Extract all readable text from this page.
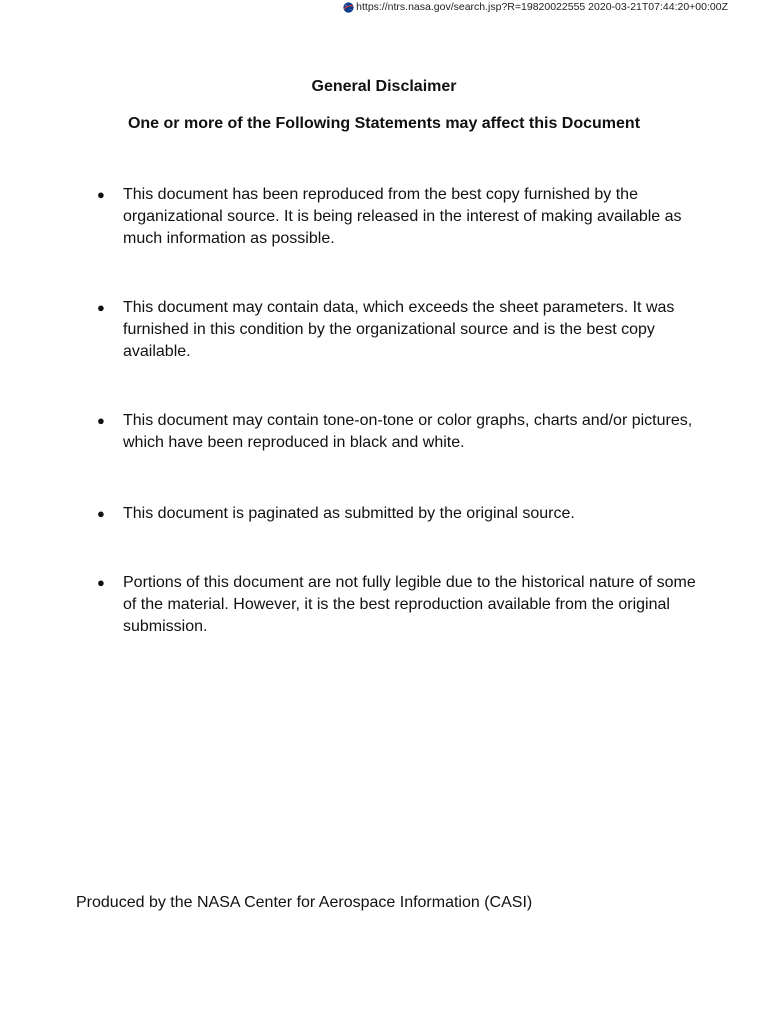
https://ntrs.nasa.gov/search.jsp?R=19820022555 2020-03-21T07:44:20+00:00Z
General Disclaimer
One or more of the Following Statements may affect this Document
●	This document has been reproduced from the best copy furnished by the organizational source. It is being released in the interest of making available as much information as possible.
●	This document may contain data, which exceeds the sheet parameters. It was furnished in this condition by the organizational source and is the best copy available.
●	This document may contain tone-on-tone or color graphs, charts and/or pictures, which have been reproduced in black and white.
●	This document is paginated as submitted by the original source.
●	Portions of this document are not fully legible due to the historical nature of some of the material. However, it is the best reproduction available from the original submission.

Produced by the NASA Center for Aerospace Information (CASI)
